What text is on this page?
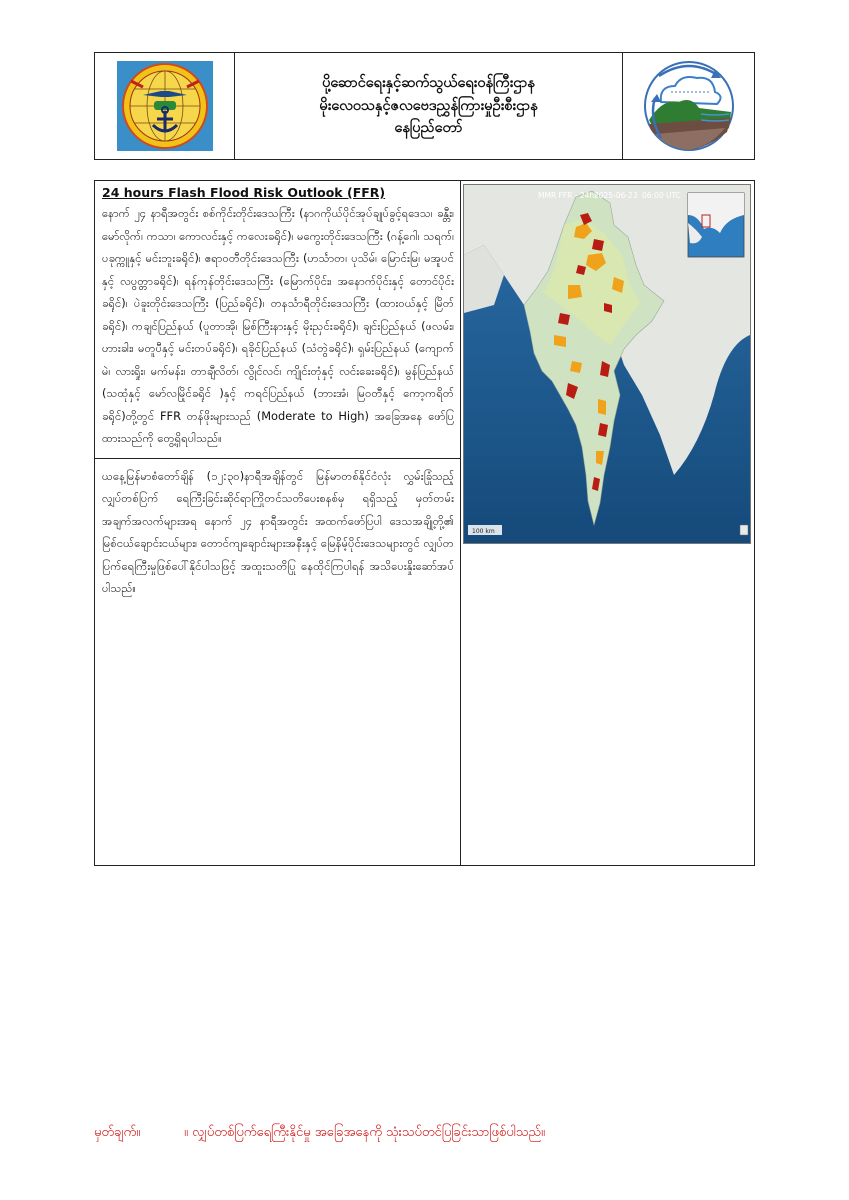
ပို့ဆောင်ရေးနှင့်ဆက်သွယ်ရေးဝန်ကြီးဌာန
မိုးလေဝသနှင့်ဇလဗေဒညွှန်ကြားမှုဦးစီးဌာန
နေပြည်တော်
24 hours Flash Flood Risk Outlook (FFR)

နောက် ၂၄ နာရီအတွင်း စစ်ကိုင်းတိုင်းဒေသကြီး (နာဂကိုယ်ပိုင်အုပ်ချုပ်ခွင့်ရဒေသ၊ ခန္တီး၊ မော်လိုက်၊ ကသာ၊ ကောလင်းနှင့် ကလေးခရိုင်)၊ မကွေးတိုင်းဒေသကြီး (ဂန့်ဂေါ၊ သရက်၊ ပခုက္ကူနှင့် မင်းဘူးခရိုင်)၊ ဧရာဝတီတိုင်းဒေသကြီး (ဟင်္သာတ၊ ပုသိမ်၊ မြောင်းမြ၊ မအူပင်နှင့် လပွတ္တာခရိုင်)၊ ရန်ကုန်တိုင်းဒေသကြီး (မြောက်ပိုင်း၊ အနောက်ပိုင်းနှင့် တောင်ပိုင်းခရိုင်)၊ ပဲခူးတိုင်းဒေသကြီး (ပြည်ခရိုင်)၊ တနင်္သာရီတိုင်းဒေသကြီး (ထားဝယ်နှင့် မြိတ်ခရိုင်)၊ ကချင်ပြည်နယ် (ပူတာအို၊ မြစ်ကြီးနားနှင့် မိုးညှင်းခရိုင်)၊ ချင်းပြည်နယ် (ဖလမ်း၊ ဟားခါး၊ မတူပီနှင့် မင်းတပ်ခရိုင်)၊ ရခိုင်ပြည်နယ် (သံတွဲခရိုင်)၊ ရှမ်းပြည်နယ် (ကျောက်မဲ၊ လားရှိုး၊ မက်မန်း၊ တာချီလိတ်၊ လွိုင်လင်၊ ကျိုင်းတုံနှင့် လင်းခေးခရိုင်)၊ မွန်ပြည်နယ် (သထုံနှင့် မော်လမြိုင်ခရိုင် )နှင့် ကရင်ပြည်နယ် (ဘားအံ၊ မြဝတီနှင့် ကော့ကရိတ်ခရိုင်)တို့တွင် FFR တန်ဖိုးများသည် (Moderate to High) အခြေအနေ ဖော်ပြထားသည်ကို တွေ့ရှိရပါသည်။

ယနေ့မြန်မာစံတော်ချိန် (၁၂:၃၀)နာရီအချိန်တွင် မြန်မာတစ်နိုင်ငံလုံး လွှမ်းခြုံသည့် လျှပ်တစ်ပြက် ရေကြီးခြင်းဆိုင်ရာကြိုတင်သတိပေးစနစ်မှ ရရှိသည့် မှတ်တမ်းအချက်အလက်များအရ နောက် ၂၄ နာရီအတွင်း အထက်ဖော်ပြပါ ဒေသအချို့တို့၏ မြစ်ငယ်ချောင်းငယ်များ၊ တောင်ကျချောင်းများအနီးနှင့် မြေနိမ့်ပိုင်းဒေသများတွင် လျှပ်တပြက်ရေကြီးမှုဖြစ်ပေါ်နိုင်ပါသဖြင့် အထူးသတိပြု နေထိုင်ကြပါရန် အသိပေးနှိုးဆော်အပ်ပါသည်။

MMR FFR - 24hr
2025-06-23 06:00 UTC
100 km
မှတ်ချက်။	။ လျှပ်တစ်ပြက်ရေကြီးနိုင်မှု အခြေအနေကို သုံးသပ်တင်ပြခြင်းသာဖြစ်ပါသည်။
